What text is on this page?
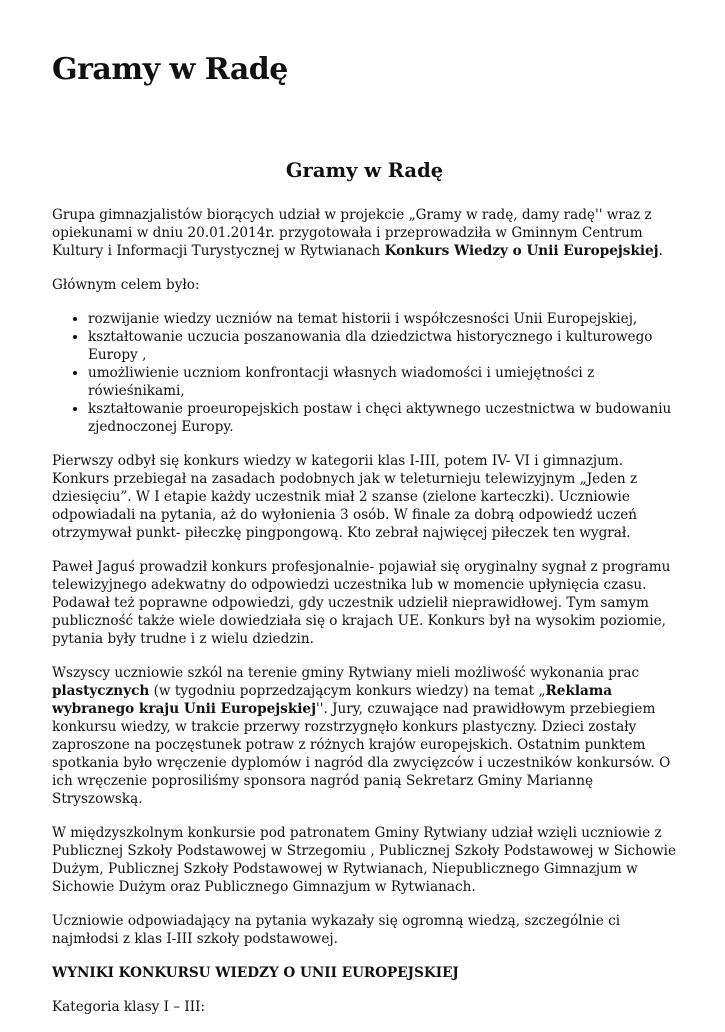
Gramy w Radę
Gramy w Radę

Grupa gimnazjalistów biorących udział w projekcie „Gramy w radę, damy radę'' wraz z opiekunami w dniu 20.01.2014r. przygotowała i przeprowadziła w Gminnym Centrum Kultury i Informacji Turystycznej w Rytwianach Konkurs Wiedzy o Unii Europejskiej.

Głównym celem było:

• rozwijanie wiedzy uczniów na temat historii i współczesności Unii Europejskiej,
• kształtowanie uczucia poszanowania dla dziedzictwa historycznego i kulturowego Europy ,
• umożliwienie uczniom konfrontacji własnych wiadomości i umiejętności z rówieśnikami,
• kształtowanie proeuropejskich postaw i chęci aktywnego uczestnictwa w budowaniu zjednoczonej Europy.

Pierwszy odbył się konkurs wiedzy w kategorii klas I-III, potem IV- VI i gimnazjum. Konkurs przebiegał na zasadach podobnych jak w teleturnieju telewizyjnym „Jeden z dziesięciu”. W I etapie każdy uczestnik miał 2 szanse (zielone karteczki). Uczniowie odpowiadali na pytania, aż do wyłonienia 3 osób. W finale za dobrą odpowiedź uczeń otrzymywał punkt- piłeczkę pingpongową. Kto zebrał najwięcej piłeczek ten wygrał.

Paweł Jaguś prowadził konkurs profesjonalnie- pojawiał się oryginalny sygnał z programu telewizyjnego adekwatny do odpowiedzi uczestnika lub w momencie upłynięcia czasu. Podawał też poprawne odpowiedzi, gdy uczestnik udzielił nieprawidłowej. Tym samym publiczność także wiele dowiedziała się o krajach UE. Konkurs był na wysokim poziomie, pytania były trudne i z wielu dziedzin.

Wszyscy uczniowie szkól na terenie gminy Rytwiany mieli możliwość wykonania prac plastycznych (w tygodniu poprzedzającym konkurs wiedzy) na temat „Reklama wybranego kraju Unii Europejskiej''. Jury, czuwające nad prawidłowym przebiegiem konkursu wiedzy, w trakcie przerwy rozstrzygnęło konkurs plastyczny. Dzieci zostały zaproszone na poczęstunek potraw z różnych krajów europejskich. Ostatnim punktem spotkania było wręczenie dyplomów i nagród dla zwycięzców i uczestników konkursów. O ich wręczenie poprosiliśmy sponsora nagród panią Sekretarz Gminy Mariannę Stryszowską.

W międzyszkolnym konkursie pod patronatem Gminy Rytwiany udział wzięli uczniowie z Publicznej Szkoły Podstawowej w Strzegomiu , Publicznej Szkoły Podstawowej w Sichowie Dużym, Publicznej Szkoły Podstawowej w Rytwianach, Niepublicznego Gimnazjum w Sichowie Dużym oraz Publicznego Gimnazjum w Rytwianach.

Uczniowie odpowiadający na pytania wykazały się ogromną wiedzą, szczególnie ci najmłodsi z klas I-III szkoły podstawowej.

WYNIKI KONKURSU WIEDZY O UNII EUROPEJSKIEJ

Kategoria klasy I – III:
